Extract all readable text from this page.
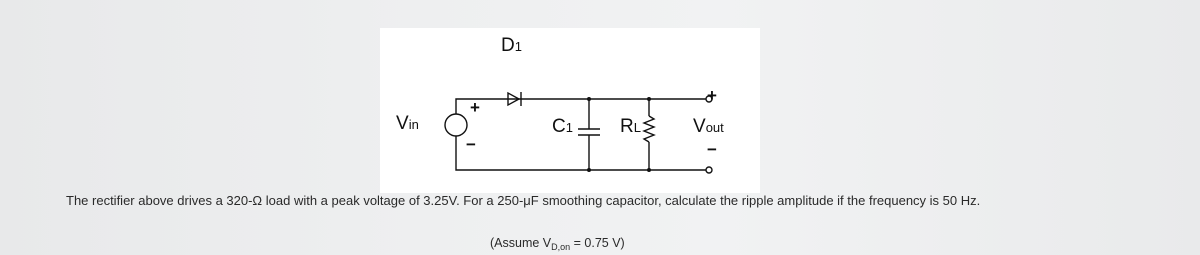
D1
Vin
+
−
C1 RL
+
Vout
−
The rectifier above drives a 320-Ω load with a peak voltage of 3.25V. For a 250-μF smoothing capacitor, calculate the ripple amplitude if the frequency is 50 Hz.
(Assume $V_{D,on} = 0.75$ V)
